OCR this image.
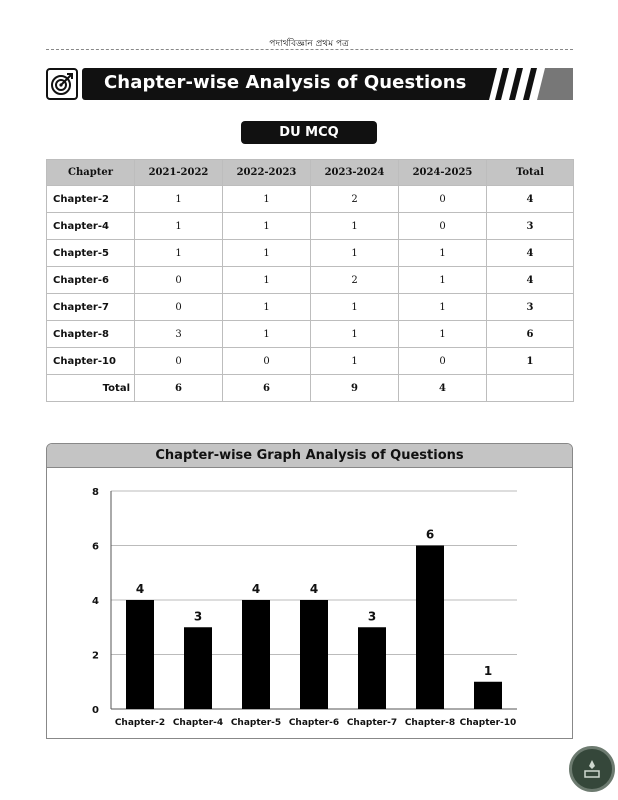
পদার্থবিজ্ঞান প্রথম পত্র
Chapter-wise Analysis of Questions
DU MCQ
Chapter	2021-2022	2022-2023	2023-2024	2024-2025	Total
Chapter-2	1	1	2	0	4
Chapter-4	1	1	1	0	3
Chapter-5	1	1	1	1	4
Chapter-6	0	1	2	1	4
Chapter-7	0	1	1	1	3
Chapter-8	3	1	1	1	6
Chapter-10	0	0	1	0	1
Total	6	6	9	4	
Chapter-wise Graph Analysis of Questions
0
2
4
6
8
4
Chapter-2
3
Chapter-4
4
Chapter-5
4
Chapter-6
3
Chapter-7
6
Chapter-8
1
Chapter-10
